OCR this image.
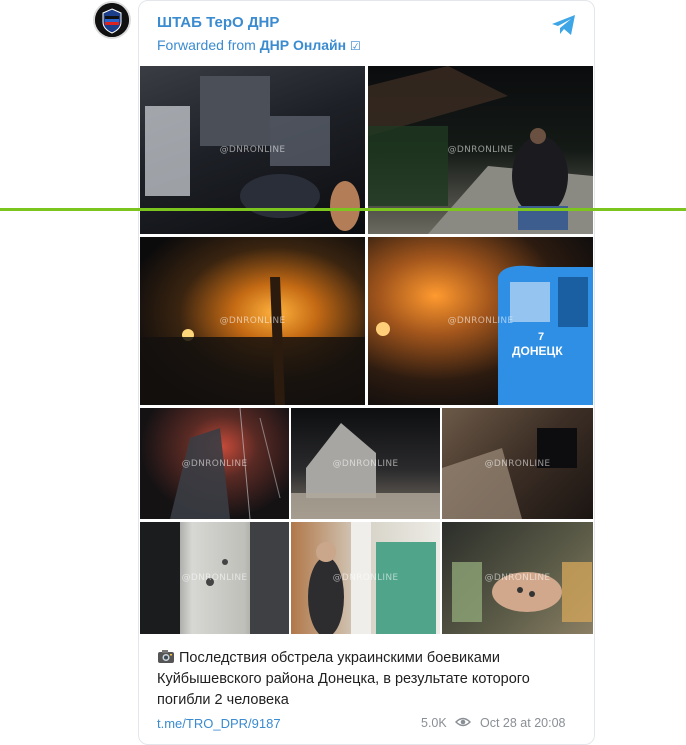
ШТАБ ТерО ДНР
Forwarded from ДНР Онлайн ☑
@DNRONLINE	@DNRONLINE
@DNRONLINE
7
ДОНЕЦК
@DNRONLINE
@DNRONLINE	@DNRONLINE	@DNRONLINE
@DNRONLINE	@DNRONLINE	@DNRONLINE
Последствия обстрела украинскими боевиками Куйбышевского района Донецка, в результате которого погибли 2 человека
t.me/TRO_DPR/9187	5.0K	Oct 28 at 20:08
